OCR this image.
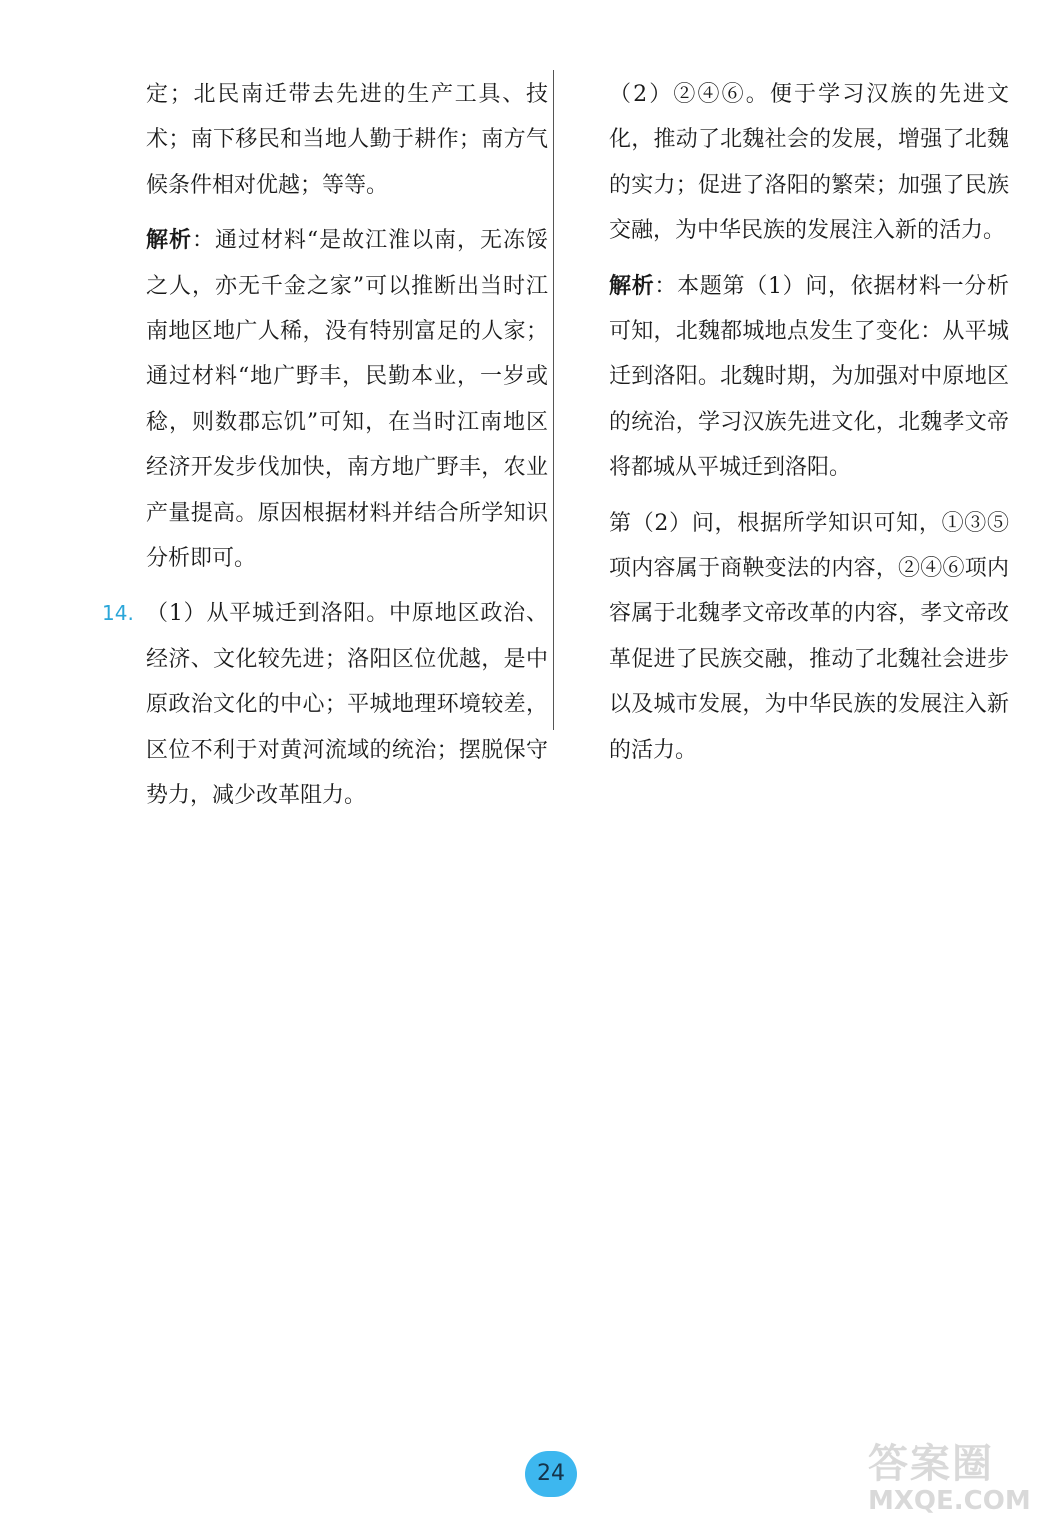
定；北民南迁带去先进的生产工具、技术；南下移民和当地人勤于耕作；南方气候条件相对优越；等等。

解析：通过材料“是故江淮以南，无冻馁之人，亦无千金之家”可以推断出当时江南地区地广人稀，没有特别富足的人家；通过材料“地广野丰，民勤本业，一岁或稔，则数郡忘饥”可知，在当时江南地区经济开发步伐加快，南方地广野丰，农业产量提高。原因根据材料并结合所学知识分析即可。

14. （1）从平城迁到洛阳。中原地区政治、经济、文化较先进；洛阳区位优越，是中原政治文化的中心；平城地理环境较差，区位不利于对黄河流域的统治；摆脱保守势力，减少改革阻力。

（2）②④⑥。便于学习汉族的先进文化，推动了北魏社会的发展，增强了北魏的实力；促进了洛阳的繁荣；加强了民族交融，为中华民族的发展注入新的活力。

解析：本题第（1）问，依据材料一分析可知，北魏都城地点发生了变化：从平城迁到洛阳。北魏时期，为加强对中原地区的统治，学习汉族先进文化，北魏孝文帝将都城从平城迁到洛阳。

第（2）问，根据所学知识可知，①③⑤项内容属于商鞅变法的内容，②④⑥项内容属于北魏孝文帝改革的内容，孝文帝改革促进了民族交融，推动了北魏社会进步以及城市发展，为中华民族的发展注入新的活力。

24	答案圈
MXQE.COM
